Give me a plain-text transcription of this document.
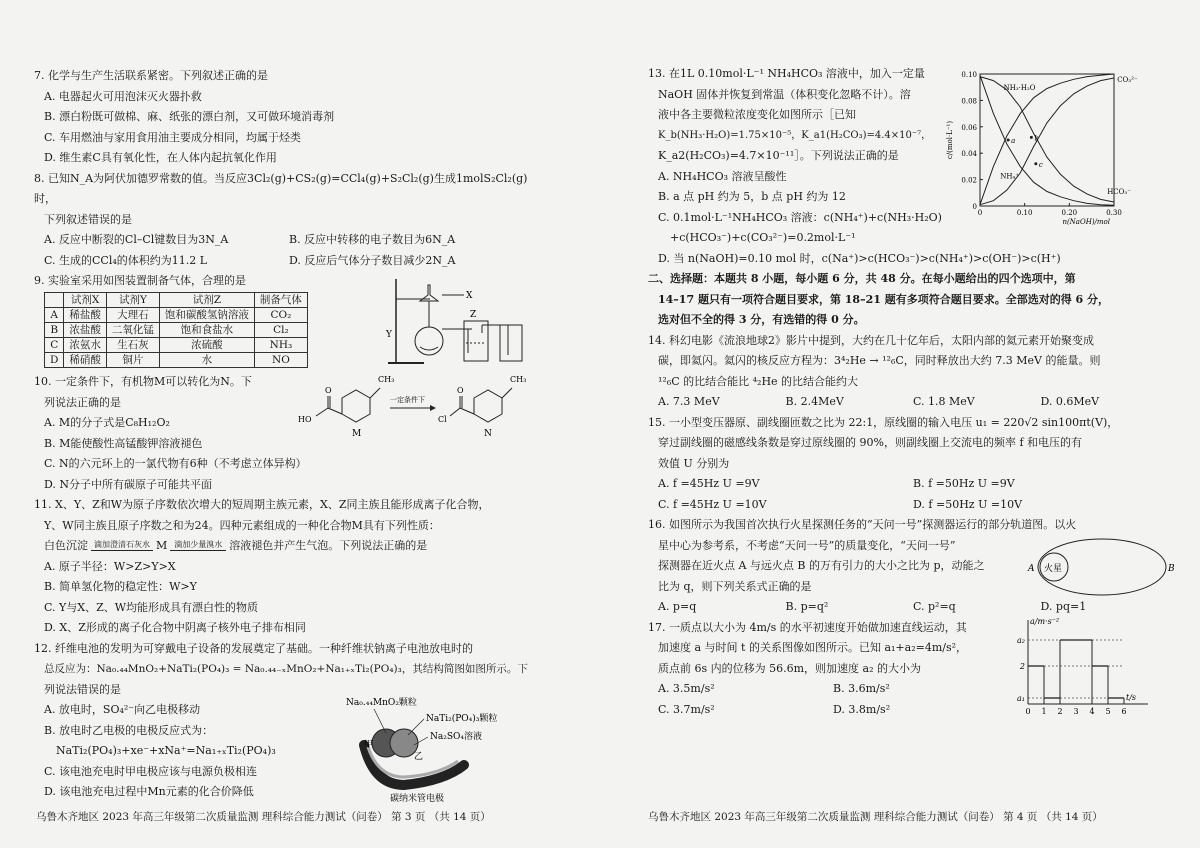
7. 化学与生产生活联系紧密。下列叙述正确的是

A. 电器起火可用泡沫灭火器扑救

B. 漂白粉既可做棉、麻、纸张的漂白剂，又可做环境消毒剂

C. 车用燃油与家用食用油主要成分相同，均属于烃类

D. 维生素C具有氧化性，在人体内起抗氧化作用

8. 已知N_A为阿伏加德罗常数的值。当反应3Cl₂(g)+CS₂(g)=CCl₄(g)+S₂Cl₂(g)生成1molS₂Cl₂(g)时，

下列叙述错误的是

A. 反应中断裂的Cl–Cl键数目为3N_A	B. 反应中转移的电子数目为6N_A
C. 生成的CCl₄的体积约为11.2 L	D. 反应后气体分子数目减少2N_A

9. 实验室采用如图装置制备气体，合理的是

	试剂X	试剂Y	试剂Z	制备气体
A	稀盐酸	大理石	饱和碳酸氢钠溶液	CO₂
B	浓盐酸	二氧化锰	饱和食盐水	Cl₂
C	浓氨水	生石灰	浓硫酸	NH₃
D	稀硝酸	铜片	水	NO
X
Y
Z

10. 一定条件下，有机物M可以转化为N。下

列说法正确的是

A. M的分子式是C₈H₁₂O₂

B. M能使酸性高锰酸钾溶液褪色

C. N的六元环上的一氯代物有6种（不考虑立体异构）

D. N分子中所有碳原子可能共平面

CH₃
O
HO
M
一定条件下
CH₃
O
Cl
N

11. X、Y、Z和W为原子序数依次增大的短周期主族元素，X、Z同主族且能形成离子化合物，

Y、W同主族且原子序数之和为24。四种元素组成的一种化合物M具有下列性质：

白色沉淀 滴加澄清石灰水 M 滴加少量溴水 溶液褪色并产生气泡。下列说法正确的是

A. 原子半径：W>Z>Y>X

B. 简单氢化物的稳定性：W>Y

C. Y与X、Z、W均能形成具有漂白性的物质

D. X、Z形成的离子化合物中阴离子核外电子排布相同

12. 纤维电池的发明为可穿戴电子设备的发展奠定了基础。一种纤维状钠离子电池放电时的

总反应为：Na₀.₄₄MnO₂+NaTi₂(PO₄)₃ = Na₀.₄₄₋ₓMnO₂+Na₁₊ₓTi₂(PO₄)₃，其结构简图如图所示。下

列说法错误的是

A. 放电时，SO₄²⁻向乙电极移动

B. 放电时乙电极的电极反应式为：

NaTi₂(PO₄)₃+xe⁻+xNa⁺=Na₁₊ₓTi₂(PO₄)₃

C. 该电池充电时甲电极应该与电源负极相连

D. 该电池充电过程中Mn元素的化合价降低

Na₀.₄₄MnO₂颗粒
NaTi₂(PO₄)₃颗粒
Na₂SO₄溶液
甲
乙
碳纳米管电极
乌鲁木齐地区 2023 年高三年级第二次质量监测 理科综合能力测试（问卷） 第 3 页 （共 14 页）

13. 在1L 0.10mol·L⁻¹ NH₄HCO₃ 溶液中，加入一定量

NaOH 固体并恢复到常温（体积变化忽略不计）。溶

液中各主要微粒浓度变化如图所示［已知

K_b(NH₃·H₂O)=1.75×10⁻⁵，K_a1(H₂CO₃)=4.4×10⁻⁷，

K_a2(H₂CO₃)=4.7×10⁻¹¹］。下列说法正确的是

A. NH₄HCO₃ 溶液呈酸性

B. a 点 pH 约为 5，b 点 pH 约为 12

C. 0.1mol·L⁻¹NH₄HCO₃ 溶液：c(NH₄⁺)+c(NH₃·H₂O)

+c(HCO₃⁻)+c(CO₃²⁻)=0.2mol·L⁻¹

D. 当 n(NaOH)=0.10 mol 时，c(Na⁺)>c(HCO₃⁻)>c(NH₄⁺)>c(OH⁻)>c(H⁺)

0
0.02
0.04
0.06
0.08
0.10
0	0.10	0.20	0.30
n(NaOH)/mol
c/(mol·L⁻¹)
NH₃·H₂O
CO₃²⁻
HCO₃⁻
NH₄⁺
a	b
c

二、选择题：本题共 8 小题，每小题 6 分，共 48 分。在每小题给出的四个选项中，第

14–17 题只有一项符合题目要求，第 18–21 题有多项符合题目要求。全部选对的得 6 分，

选对但不全的得 3 分，有选错的得 0 分。

14. 科幻电影《流浪地球2》影片中提到，大约在几十亿年后，太阳内部的氦元素开始聚变成

碳，即氦闪。氦闪的核反应方程为：3⁴₂He → ¹²₆C，同时释放出大约 7.3 MeV 的能量。则

¹²₆C 的比结合能比 ⁴₂He 的比结合能约大

A. 7.3 MeV	B. 2.4MeV	C. 1.8 MeV	D. 0.6MeV

15. 一小型变压器原、副线圈匝数之比为 22:1，原线圈的输入电压 u₁ = 220√2 sin100πt(V)，

穿过副线圈的磁感线条数是穿过原线圈的 90%，则副线圈上交流电的频率 f 和电压的有

效值 U 分别为

A. f =45Hz U =9V	B. f =50Hz U =9V
C. f =45Hz U =10V	D. f =50Hz U =10V

16. 如图所示为我国首次执行火星探测任务的“天问一号”探测器运行的部分轨道图。以火

星中心为参考系，不考虑“天问一号”的质量变化，“天问一号”

探测器在近火点 A 与远火点 B 的万有引力的大小之比为 p，动能之

比为 q，则下列关系式正确的是

A. p=q	B. p=q²	C. p²=q	D. pq=1
火星
A	B

17. 一质点以大小为 4m/s 的水平初速度开始做加速直线运动，其

加速度 a 与时间 t 的关系图像如图所示。已知 a₁+a₂=4m/s²，

质点前 6s 内的位移为 56.6m，则加速度 a₂ 的大小为

A. 3.5m/s²	B. 3.6m/s²
C. 3.7m/s²	D. 3.8m/s²
t/s
a/m·s⁻²
0 1 2 3 4 5 6
a₁
2
a₂
乌鲁木齐地区 2023 年高三年级第二次质量监测 理科综合能力测试（问卷） 第 4 页 （共 14 页）
